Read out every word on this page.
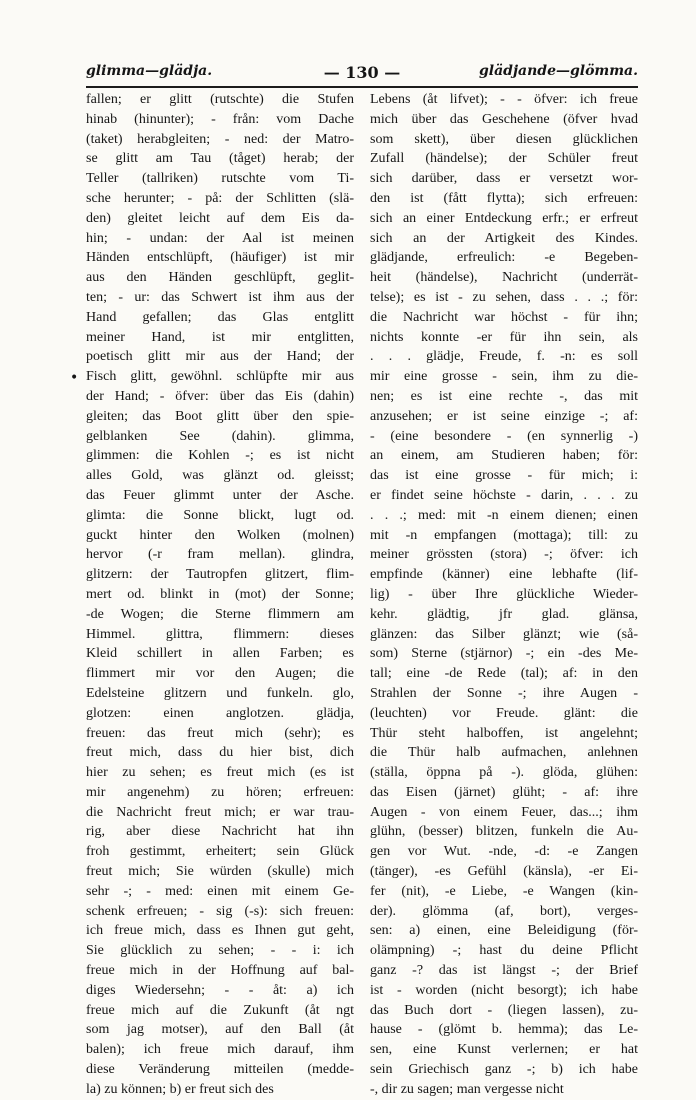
glimma—glädja.	— 130 —	glädjande—glömma.
•
fallen; er glitt (rutschte) die Stufen
hinab (hinunter); - från: vom Dache
(taket) herabgleiten; - ned: der Matro-
se glitt am Tau (tåget) herab; der
Teller (tallriken) rutschte vom Ti-
sche herunter; - på: der Schlitten (slä-
den) gleitet leicht auf dem Eis da-
hin; - undan: der Aal ist meinen
Händen entschlüpft, (häufiger) ist mir
aus den Händen geschlüpft, geglit-
ten; - ur: das Schwert ist ihm aus der
Hand gefallen; das Glas entglitt
meiner Hand, ist mir entglitten,
poetisch glitt mir aus der Hand; der
Fisch glitt, gewöhnl. schlüpfte mir aus
der Hand; - öfver: über das Eis (dahin)
gleiten; das Boot glitt über den spie-
gelblanken See (dahin). glimma,
glimmen: die Kohlen -; es ist nicht
alles Gold, was glänzt od. gleisst;
das Feuer glimmt unter der Asche.
glimta: die Sonne blickt, lugt od.
guckt hinter den Wolken (molnen)
hervor (-r fram mellan). glindra,
glitzern: der Tautropfen glitzert, flim-
mert od. blinkt in (mot) der Sonne;
-de Wogen; die Sterne flimmern am
Himmel. glittra, flimmern: dieses
Kleid schillert in allen Farben; es
flimmert mir vor den Augen; die
Edelsteine glitzern und funkeln. glo,
glotzen: einen anglotzen. glädja,
freuen: das freut mich (sehr); es
freut mich, dass du hier bist, dich
hier zu sehen; es freut mich (es ist
mir angenehm) zu hören; erfreuen:
die Nachricht freut mich; er war trau-
rig, aber diese Nachricht hat ihn
froh gestimmt, erheitert; sein Glück
freut mich; Sie würden (skulle) mich
sehr -; - med: einen mit einem Ge-
schenk erfreuen; - sig (-s): sich freuen:
ich freue mich, dass es Ihnen gut geht,
Sie glücklich zu sehen; - - i: ich
freue mich in der Hoffnung auf bal-
diges Wiedersehn; - - åt: a) ich
freue mich auf die Zukunft (åt ngt
som jag motser), auf den Ball (åt
balen); ich freue mich darauf, ihm
diese Veränderung mitteilen (medde-
la) zu können; b) er freut sich des
Lebens (åt lifvet); - - öfver: ich freue
mich über das Geschehene (öfver hvad
som skett), über diesen glücklichen
Zufall (händelse); der Schüler freut
sich darüber, dass er versetzt wor-
den ist (fått flytta); sich erfreuen:
sich an einer Entdeckung erfr.; er erfreut
sich an der Artigkeit des Kindes.
glädjande, erfreulich: -e Begeben-
heit (händelse), Nachricht (underrät-
telse); es ist - zu sehen, dass . . .; för:
die Nachricht war höchst - für ihn;
nichts konnte -er für ihn sein, als
. . . glädje, Freude, f. -n: es soll
mir eine grosse - sein, ihm zu die-
nen; es ist eine rechte -, das mit
anzusehen; er ist seine einzige -; af:
- (eine besondere - (en synnerlig -)
an einem, am Studieren haben; för:
das ist eine grosse - für mich; i:
er findet seine höchste - darin, . . . zu
. . .; med: mit -n einem dienen; einen
mit -n empfangen (mottaga); till: zu
meiner grössten (stora) -; öfver: ich
empfinde (känner) eine lebhafte (lif-
lig) - über Ihre glückliche Wieder-
kehr. glädtig, jfr glad. glänsa,
glänzen: das Silber glänzt; wie (så-
som) Sterne (stjärnor) -; ein -des Me-
tall; eine -de Rede (tal); af: in den
Strahlen der Sonne -; ihre Augen -
(leuchten) vor Freude. glänt: die
Thür steht halboffen, ist angelehnt;
die Thür halb aufmachen, anlehnen
(ställa, öppna på -). glöda, glühen:
das Eisen (järnet) glüht; - af: ihre
Augen - von einem Feuer, das...; ihm
glühn, (besser) blitzen, funkeln die Au-
gen vor Wut. -nde, -d: -e Zangen
(tänger), -es Gefühl (känsla), -er Ei-
fer (nit), -e Liebe, -e Wangen (kin-
der). glömma (af, bort), verges-
sen: a) einen, eine Beleidigung (för-
olämpning) -; hast du deine Pflicht
ganz -? das ist längst -; der Brief
ist - worden (nicht besorgt); ich habe
das Buch dort - (liegen lassen), zu-
hause - (glömt b. hemma); das Le-
sen, eine Kunst verlernen; er hat
sein Griechisch ganz -; b) ich habe
-, dir zu sagen; man vergesse nicht
